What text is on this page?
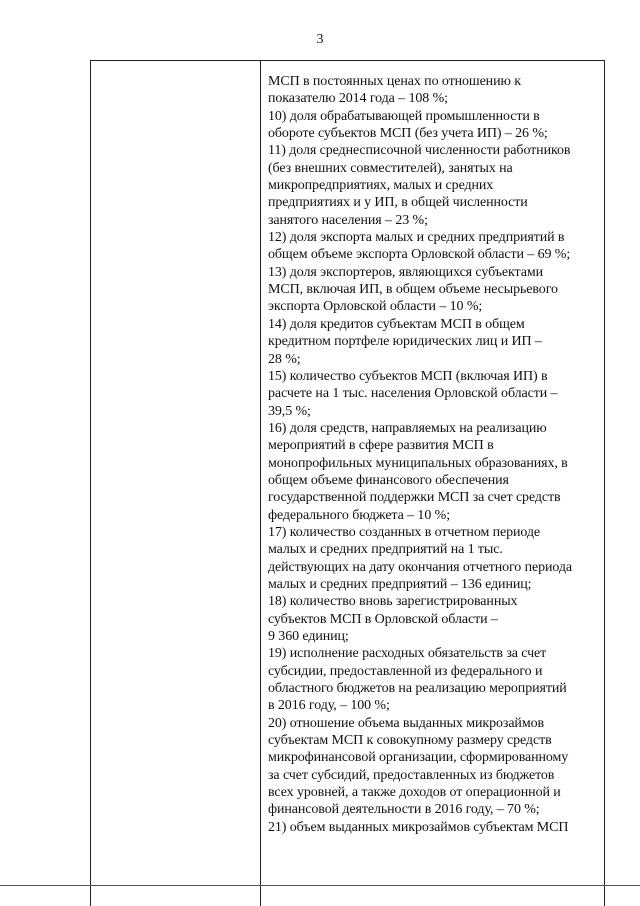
3
МСП в постоянных ценах по отношению к
показателю 2014 года – 108 %;
10) доля обрабатывающей промышленности в
обороте субъектов МСП (без учета ИП) – 26 %;
11) доля среднесписочной численности работников
(без внешних совместителей), занятых на
микропредприятиях, малых и средних
предприятиях и у ИП, в общей численности
занятого населения – 23 %;
12) доля экспорта малых и средних предприятий в
общем объеме экспорта Орловской области – 69 %;
13) доля экспортеров, являющихся субъектами
МСП, включая ИП, в общем объеме несырьевого
экспорта Орловской области – 10 %;
14) доля кредитов субъектам МСП в общем
кредитном портфеле юридических лиц и ИП –
28 %;
15) количество субъектов МСП (включая ИП) в
расчете на 1 тыс. населения Орловской области –
39,5 %;
16) доля средств, направляемых на реализацию
мероприятий в сфере развития МСП в
монопрофильных муниципальных образованиях, в
общем объеме финансового обеспечения
государственной поддержки МСП за счет средств
федерального бюджета – 10 %;
17) количество созданных в отчетном периоде
малых и средних предприятий на 1 тыс.
действующих на дату окончания отчетного периода
малых и средних предприятий – 136 единиц;
18) количество вновь зарегистрированных
субъектов МСП в Орловской области –
9 360 единиц;
19) исполнение расходных обязательств за счет
субсидии, предоставленной из федерального и
областного бюджетов на реализацию мероприятий
в 2016 году, – 100 %;
20) отношение объема выданных микрозаймов
субъектам МСП к совокупному размеру средств
микрофинансовой организации, сформированному
за счет субсидий, предоставленных из бюджетов
всех уровней, а также доходов от операционной и
финансовой деятельности в 2016 году, – 70 %;
21) объем выданных микрозаймов субъектам МСП
